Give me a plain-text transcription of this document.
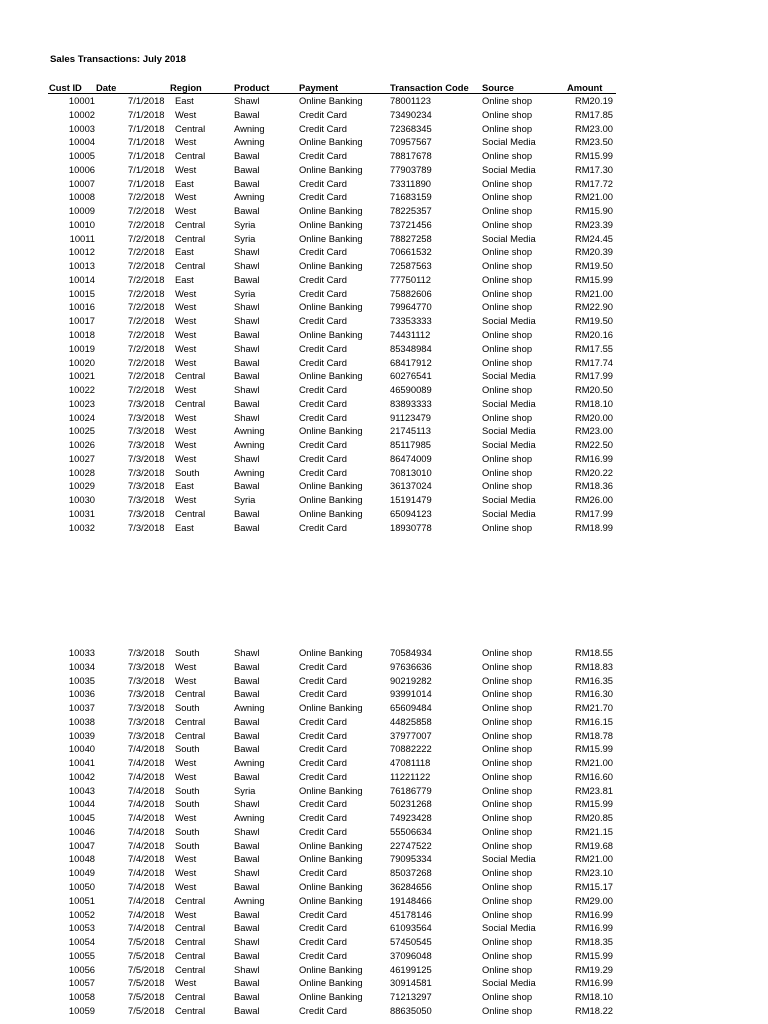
Sales Transactions: July 2018
Cust ID Date	Region	Product	Payment	Transaction Code Source	Amount
10001	7/1/2018 East	Shawl	Online Banking	78001123	Online shop	RM20.19
10002	7/1/2018 West	Bawal	Credit Card	73490234	Online shop	RM17.85
10003	7/1/2018 Central	Awning	Credit Card	72368345	Online shop	RM23.00
10004	7/1/2018 West	Awning	Online Banking	70957567	Social Media	RM23.50
10005	7/1/2018 Central	Bawal	Credit Card	78817678	Online shop	RM15.99
10006	7/1/2018 West	Bawal	Online Banking	77903789	Social Media	RM17.30
10007	7/1/2018 East	Bawal	Credit Card	73311890	Online shop	RM17.72
10008	7/2/2018 West	Awning	Credit Card	71683159	Online shop	RM21.00
10009	7/2/2018 West	Bawal	Online Banking	78225357	Online shop	RM15.90
10010	7/2/2018 Central	Syria	Online Banking	73721456	Online shop	RM23.39
10011	7/2/2018 Central	Syria	Online Banking	78827258	Social Media	RM24.45
10012	7/2/2018 East	Shawl	Credit Card	70661532	Online shop	RM20.39
10013	7/2/2018 Central	Shawl	Online Banking	72587563	Online shop	RM19.50
10014	7/2/2018 East	Bawal	Credit Card	77750112	Online shop	RM15.99
10015	7/2/2018 West	Syria	Credit Card	75882606	Online shop	RM21.00
10016	7/2/2018 West	Shawl	Online Banking	79964770	Online shop	RM22.90
10017	7/2/2018 West	Shawl	Credit Card	73353333	Social Media	RM19.50
10018	7/2/2018 West	Bawal	Online Banking	74431112	Online shop	RM20.16
10019	7/2/2018 West	Shawl	Credit Card	85348984	Online shop	RM17.55
10020	7/2/2018 West	Bawal	Credit Card	68417912	Online shop	RM17.74
10021	7/2/2018 Central	Bawal	Online Banking	60276541	Social Media	RM17.99
10022	7/2/2018 West	Shawl	Credit Card	46590089	Online shop	RM20.50
10023	7/3/2018 Central	Bawal	Credit Card	83893333	Social Media	RM18.10
10024	7/3/2018 West	Shawl	Credit Card	91123479	Online shop	RM20.00
10025	7/3/2018 West	Awning	Online Banking	21745113	Social Media	RM23.00
10026	7/3/2018 West	Awning	Credit Card	85117985	Social Media	RM22.50
10027	7/3/2018 West	Shawl	Credit Card	86474009	Online shop	RM16.99
10028	7/3/2018 South	Awning	Credit Card	70813010	Online shop	RM20.22
10029	7/3/2018 East	Bawal	Online Banking	36137024	Online shop	RM18.36
10030	7/3/2018 West	Syria	Online Banking	15191479	Social Media	RM26.00
10031	7/3/2018 Central	Bawal	Online Banking	65094123	Social Media	RM17.99
10032	7/3/2018 East	Bawal	Credit Card	18930778	Online shop	RM18.99
10033	7/3/2018 South	Shawl	Online Banking	70584934	Online shop	RM18.55
10034	7/3/2018 West	Bawal	Credit Card	97636636	Online shop	RM18.83
10035	7/3/2018 West	Bawal	Credit Card	90219282	Online shop	RM16.35
10036	7/3/2018 Central	Bawal	Credit Card	93991014	Online shop	RM16.30
10037	7/3/2018 South	Awning	Online Banking	65609484	Online shop	RM21.70
10038	7/3/2018 Central	Bawal	Credit Card	44825858	Online shop	RM16.15
10039	7/3/2018 Central	Bawal	Credit Card	37977007	Online shop	RM18.78
10040	7/4/2018 South	Bawal	Credit Card	70882222	Online shop	RM15.99
10041	7/4/2018 West	Awning	Credit Card	47081118	Online shop	RM21.00
10042	7/4/2018 West	Bawal	Credit Card	11221122	Online shop	RM16.60
10043	7/4/2018 South	Syria	Online Banking	76186779	Online shop	RM23.81
10044	7/4/2018 South	Shawl	Credit Card	50231268	Online shop	RM15.99
10045	7/4/2018 West	Awning	Credit Card	74923428	Online shop	RM20.85
10046	7/4/2018 South	Shawl	Credit Card	55506634	Online shop	RM21.15
10047	7/4/2018 South	Bawal	Online Banking	22747522	Online shop	RM19.68
10048	7/4/2018 West	Bawal	Online Banking	79095334	Social Media	RM21.00
10049	7/4/2018 West	Shawl	Credit Card	85037268	Online shop	RM23.10
10050	7/4/2018 West	Bawal	Online Banking	36284656	Online shop	RM15.17
10051	7/4/2018 Central	Awning	Online Banking	19148466	Online shop	RM29.00
10052	7/4/2018 West	Bawal	Credit Card	45178146	Online shop	RM16.99
10053	7/4/2018 Central	Bawal	Credit Card	61093564	Social Media	RM16.99
10054	7/5/2018 Central	Shawl	Credit Card	57450545	Online shop	RM18.35
10055	7/5/2018 Central	Bawal	Credit Card	37096048	Online shop	RM15.99
10056	7/5/2018 Central	Shawl	Online Banking	46199125	Online shop	RM19.29
10057	7/5/2018 West	Bawal	Online Banking	30914581	Social Media	RM16.99
10058	7/5/2018 Central	Bawal	Online Banking	71213297	Online shop	RM18.10
10059	7/5/2018 Central	Bawal	Credit Card	88635050	Online shop	RM18.22
